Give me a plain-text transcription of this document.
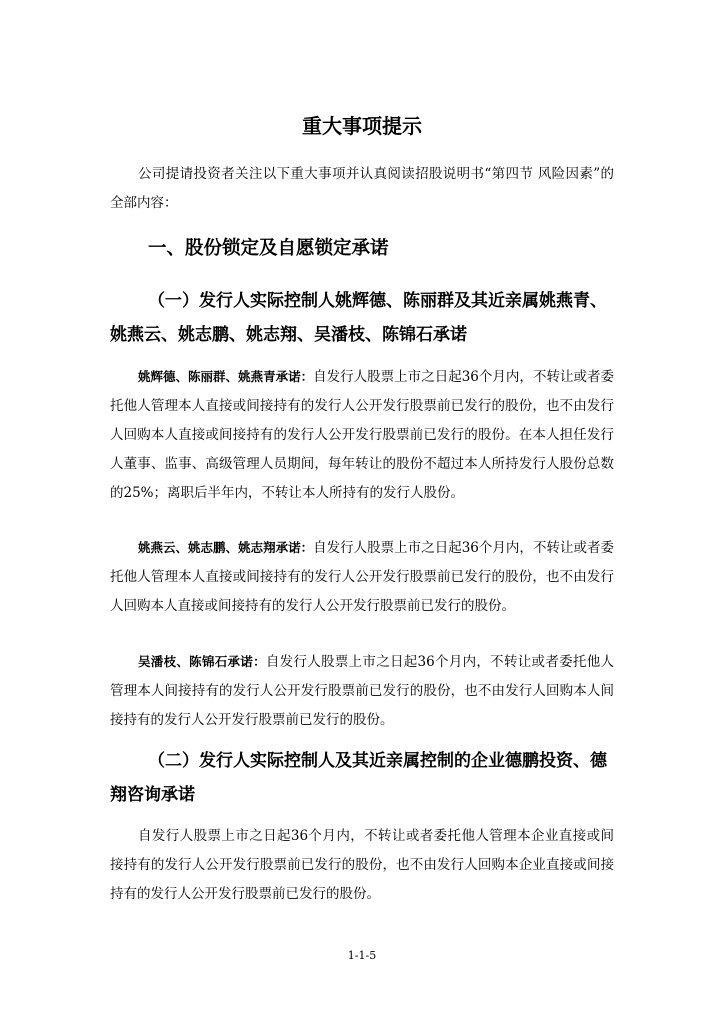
重大事项提示
公司提请投资者关注以下重大事项并认真阅读招股说明书“第四节 风险因素”的全部内容：
一、股份锁定及自愿锁定承诺
（一）发行人实际控制人姚辉德、陈丽群及其近亲属姚燕青、姚燕云、姚志鹏、姚志翔、吴潘枝、陈锦石承诺
姚辉德、陈丽群、姚燕青承诺：自发行人股票上市之日起36个月内，不转让或者委托他人管理本人直接或间接持有的发行人公开发行股票前已发行的股份，也不由发行人回购本人直接或间接持有的发行人公开发行股票前已发行的股份。在本人担任发行人董事、监事、高级管理人员期间，每年转让的股份不超过本人所持发行人股份总数的25%；离职后半年内，不转让本人所持有的发行人股份。
姚燕云、姚志鹏、姚志翔承诺：自发行人股票上市之日起36个月内，不转让或者委托他人管理本人直接或间接持有的发行人公开发行股票前已发行的股份，也不由发行人回购本人直接或间接持有的发行人公开发行股票前已发行的股份。
吴潘枝、陈锦石承诺：自发行人股票上市之日起36个月内，不转让或者委托他人管理本人间接持有的发行人公开发行股票前已发行的股份，也不由发行人回购本人间接持有的发行人公开发行股票前已发行的股份。
（二）发行人实际控制人及其近亲属控制的企业德鹏投资、德翔咨询承诺
自发行人股票上市之日起36个月内，不转让或者委托他人管理本企业直接或间接持有的发行人公开发行股票前已发行的股份，也不由发行人回购本企业直接或间接持有的发行人公开发行股票前已发行的股份。
1-1-5
